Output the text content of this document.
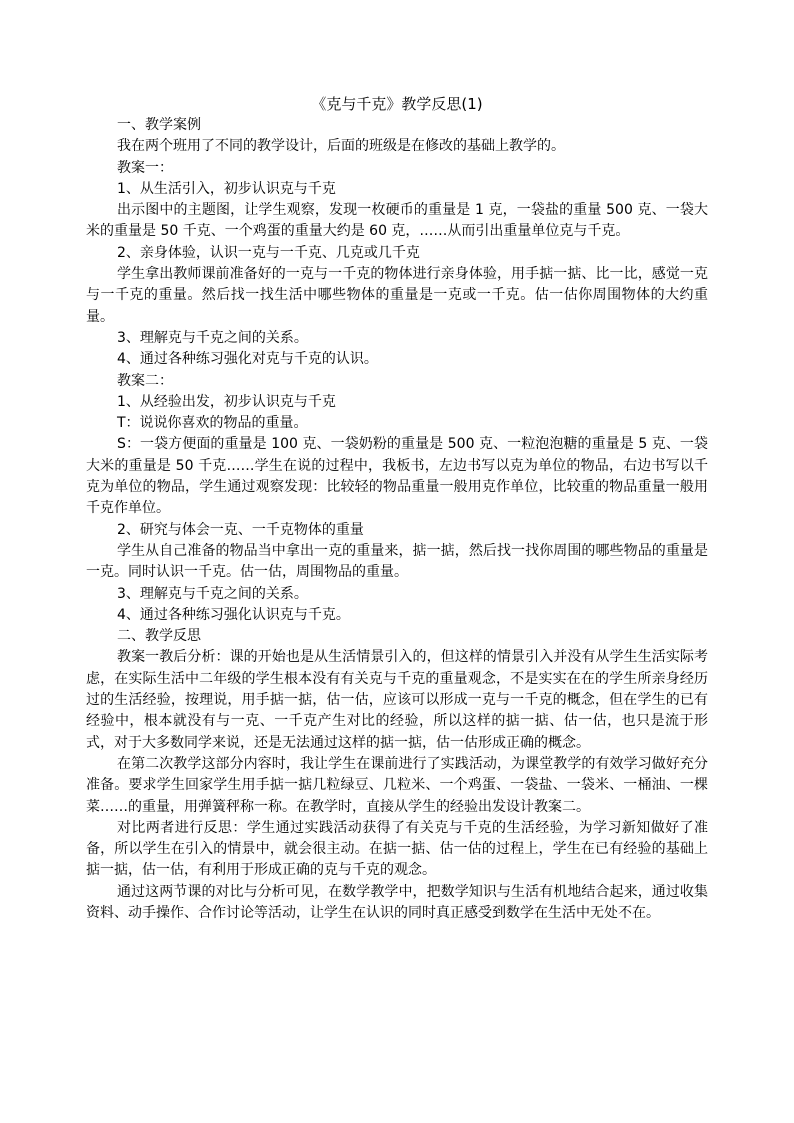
《克与千克》教学反思(1)
一、教学案例
我在两个班用了不同的教学设计，后面的班级是在修改的基础上教学的。
教案一：
1、从生活引入，初步认识克与千克
出示图中的主题图，让学生观察，发现一枚硬币的重量是 1 克，一袋盐的重量 500 克、一袋大米的重量是 50 千克、一个鸡蛋的重量大约是 60 克，……从而引出重量单位克与千克。
2、亲身体验，认识一克与一千克、几克或几千克
学生拿出教师课前准备好的一克与一千克的物体进行亲身体验，用手掂一掂、比一比，感觉一克与一千克的重量。然后找一找生活中哪些物体的重量是一克或一千克。估一估你周围物体的大约重量。
3、理解克与千克之间的关系。
4、通过各种练习强化对克与千克的认识。
教案二：
1、从经验出发，初步认识克与千克
T：说说你喜欢的物品的重量。
S：一袋方便面的重量是 100 克、一袋奶粉的重量是 500 克、一粒泡泡糖的重量是 5 克、一袋大米的重量是 50 千克……学生在说的过程中，我板书，左边书写以克为单位的物品，右边书写以千克为单位的物品，学生通过观察发现：比较轻的物品重量一般用克作单位，比较重的物品重量一般用千克作单位。
2、研究与体会一克、一千克物体的重量
学生从自己准备的物品当中拿出一克的重量来，掂一掂，然后找一找你周围的哪些物品的重量是一克。同时认识一千克。估一估，周围物品的重量。
3、理解克与千克之间的关系。
4、通过各种练习强化认识克与千克。
二、教学反思
教案一教后分析：课的开始也是从生活情景引入的，但这样的情景引入并没有从学生生活实际考虑，在实际生活中二年级的学生根本没有有关克与千克的重量观念，不是实实在在的学生所亲身经历过的生活经验，按理说，用手掂一掂，估一估，应该可以形成一克与一千克的概念，但在学生的已有经验中，根本就没有与一克、一千克产生对比的经验，所以这样的掂一掂、估一估，也只是流于形式，对于大多数同学来说，还是无法通过这样的掂一掂，估一估形成正确的概念。
在第二次教学这部分内容时，我让学生在课前进行了实践活动，为课堂教学的有效学习做好充分准备。要求学生回家学生用手掂一掂几粒绿豆、几粒米、一个鸡蛋、一袋盐、一袋米、一桶油、一棵菜……的重量，用弹簧秤称一称。在教学时，直接从学生的经验出发设计教案二。
对比两者进行反思：学生通过实践活动获得了有关克与千克的生活经验，为学习新知做好了准备，所以学生在引入的情景中，就会很主动。在掂一掂、估一估的过程上，学生在已有经验的基础上掂一掂，估一估，有利用于形成正确的克与千克的观念。
通过这两节课的对比与分析可见，在数学教学中，把数学知识与生活有机地结合起来，通过收集资料、动手操作、合作讨论等活动，让学生在认识的同时真正感受到数学在生活中无处不在。
